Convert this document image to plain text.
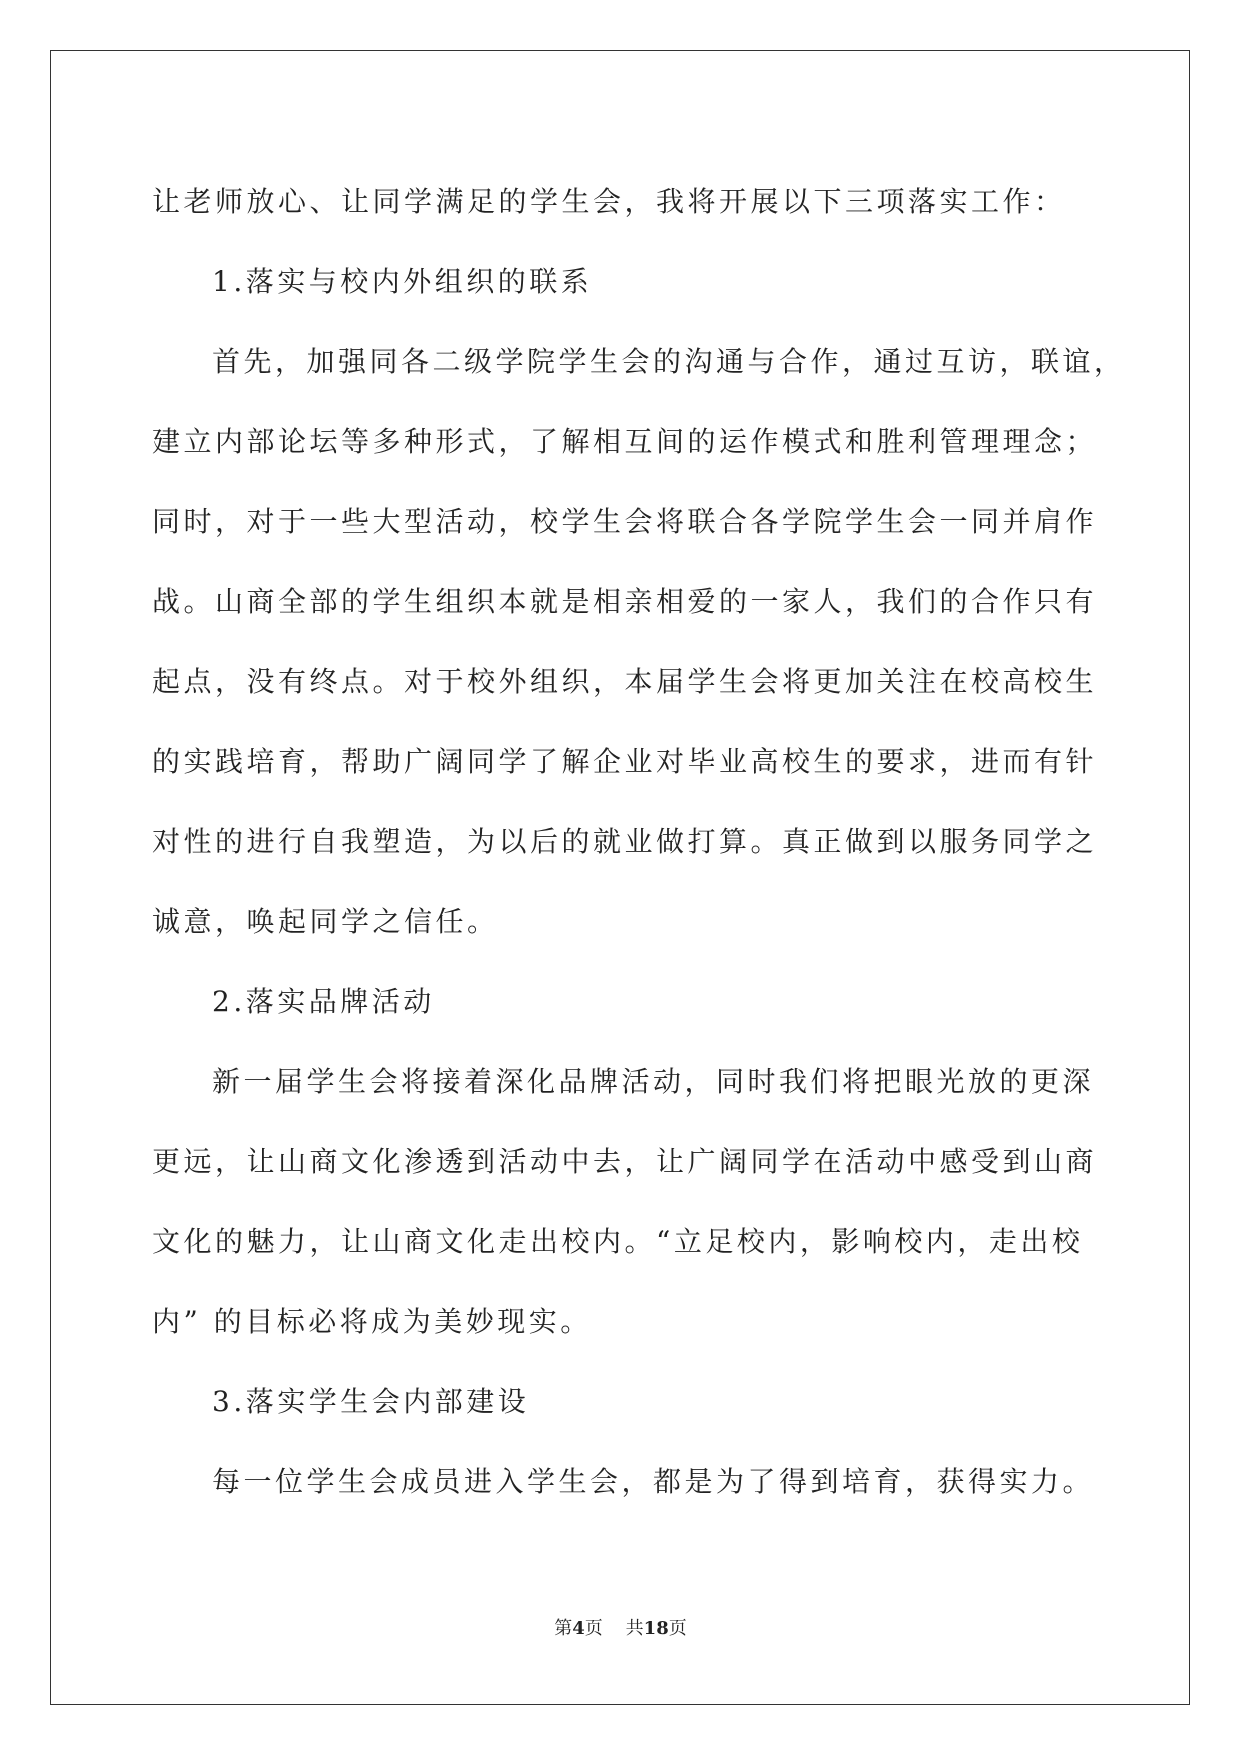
让老师放心、让同学满足的学生会，我将开展以下三项落实工作：
1.落实与校内外组织的联系
首先，加强同各二级学院学生会的沟通与合作，通过互访，联谊，
建立内部论坛等多种形式，了解相互间的运作模式和胜利管理理念；
同时，对于一些大型活动，校学生会将联合各学院学生会一同并肩作
战。山商全部的学生组织本就是相亲相爱的一家人，我们的合作只有
起点，没有终点。对于校外组织，本届学生会将更加关注在校高校生
的实践培育，帮助广阔同学了解企业对毕业高校生的要求，进而有针
对性的进行自我塑造，为以后的就业做打算。真正做到以服务同学之
诚意，唤起同学之信任。
2.落实品牌活动
新一届学生会将接着深化品牌活动，同时我们将把眼光放的更深
更远，让山商文化渗透到活动中去，让广阔同学在活动中感受到山商
文化的魅力，让山商文化走出校内。“立足校内，影响校内，走出校
内” 的目标必将成为美妙现实。
3.落实学生会内部建设
每一位学生会成员进入学生会，都是为了得到培育，获得实力。
第4页 共18页
